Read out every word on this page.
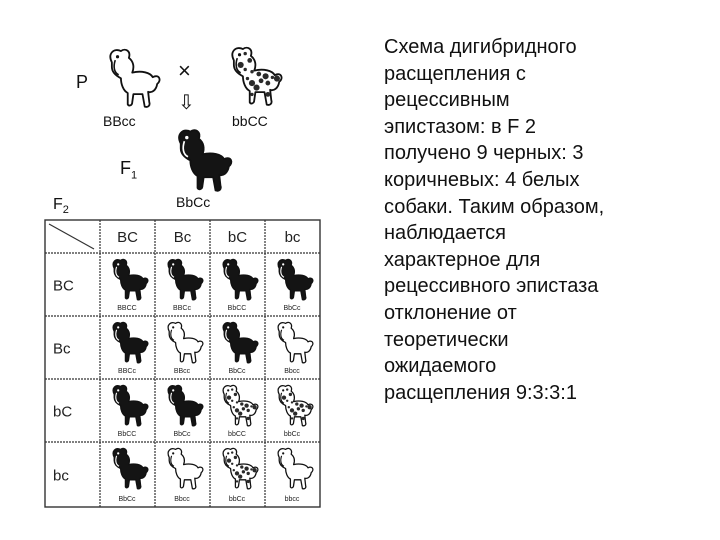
P	×
⇩
BBcc	bbCC
$F_1$
BbCc
$F_2$
BC Bc bC bc
BC
BBCC	BBCc	BbCC	BbCc
Bc
BBCc	BBcc	BbCc	Bbcc
bC
BbCC	BbCc	bbCC	bbCc
bc
BbCc	Bbcc	bbCc	bbcc

Схема дигибридного
расщепления с
рецессивным
эпистазом: в F 2
получено 9 черных: 3
коричневых: 4 белых
собаки. Таким образом,
наблюдается
характерное для
рецессивного эпистаза
отклонение от
теоретически
ожидаемого
расщепления 9:3:3:1
